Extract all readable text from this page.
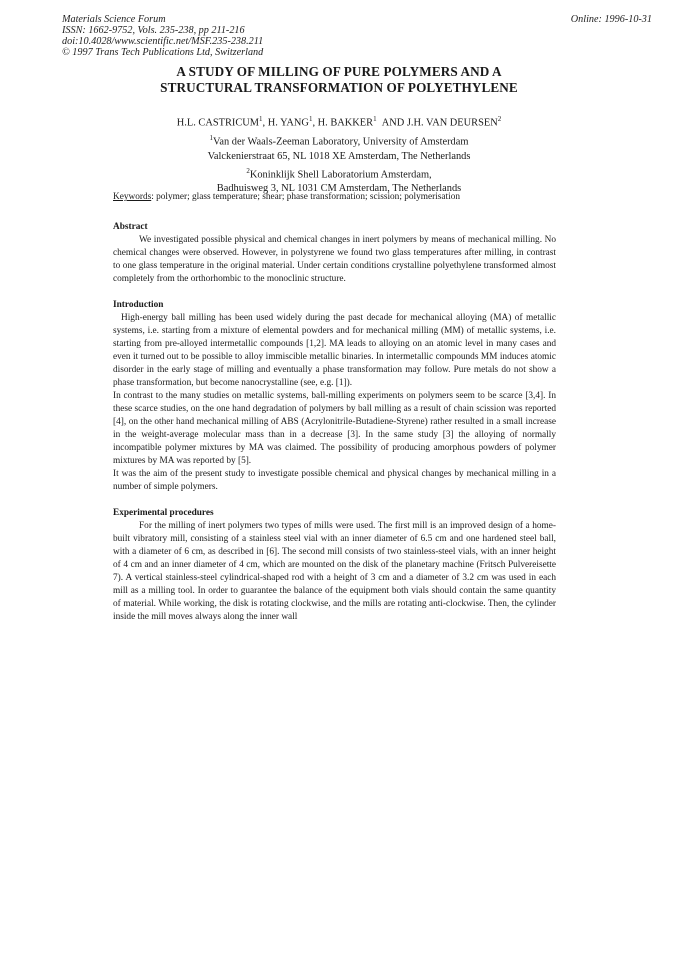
Materials Science Forum
ISSN: 1662-9752, Vols. 235-238, pp 211-216
doi:10.4028/www.scientific.net/MSF.235-238.211
© 1997 Trans Tech Publications Ltd, Switzerland
Online: 1996-10-31
A STUDY OF MILLING OF PURE POLYMERS AND A
STRUCTURAL TRANSFORMATION OF POLYETHYLENE
H.L. CASTRICUM$^1$, H. YANG$^1$, H. BAKKER$^1$ AND J.H. VAN DEURSEN$^2$
$^1$Van der Waals-Zeeman Laboratory, University of Amsterdam
Valckenierstraat 65, NL 1018 XE Amsterdam, The Netherlands
$^2$Koninklijk Shell Laboratorium Amsterdam,
Badhuisweg 3, NL 1031 CM Amsterdam, The Netherlands

Keywords: polymer; glass temperature; shear; phase transformation; scission; polymerisation

Abstract

We investigated possible physical and chemical changes in inert polymers by means of mechanical milling. No chemical changes were observed. However, in polystyrene we found two glass temperatures after milling, in contrast to one glass temperature in the original material. Under certain conditions crystalline polyethylene transformed almost completely from the orthorhombic to the monoclinic structure.

Introduction

High-energy ball milling has been used widely during the past decade for mechanical alloying (MA) of metallic systems, i.e. starting from a mixture of elemental powders and for mechanical milling (MM) of metallic systems, i.e. starting from pre-alloyed intermetallic compounds [1,2]. MA leads to alloying on an atomic level in many cases and even it turned out to be possible to alloy immiscible metallic binaries. In intermetallic compounds MM induces atomic disorder in the early stage of milling and eventually a phase transformation may follow. Pure metals do not show a phase transformation, but become nanocrystalline (see, e.g. [1]).

In contrast to the many studies on metallic systems, ball-milling experiments on polymers seem to be scarce [3,4]. In these scarce studies, on the one hand degradation of polymers by ball milling as a result of chain scission was reported [4], on the other hand mechanical milling of ABS (Acrylonitrile-Butadiene-Styrene) rather resulted in a small increase in the weight-average molecular mass than in a decrease [3]. In the same study [3] the alloying of normally incompatible polymer mixtures by MA was claimed. The possibility of producing amorphous powders of polymer mixtures by MA was reported by [5].

It was the aim of the present study to investigate possible chemical and physical changes by mechanical milling in a number of simple polymers.

Experimental procedures

For the milling of inert polymers two types of mills were used. The first mill is an improved design of a home-built vibratory mill, consisting of a stainless steel vial with an inner diameter of 6.5 cm and one hardened steel ball, with a diameter of 6 cm, as described in [6]. The second mill consists of two stainless-steel vials, with an inner height of 4 cm and an inner diameter of 4 cm, which are mounted on the disk of the planetary machine (Fritsch Pulvereisette 7). A vertical stainless-steel cylindrical-shaped rod with a height of 3 cm and a diameter of 3.2 cm was used in each mill as a milling tool. In order to guarantee the balance of the equipment both vials should contain the same quantity of material. While working, the disk is rotating clockwise, and the mills are rotating anti-clockwise. Then, the cylinder inside the mill moves always along the inner wall
